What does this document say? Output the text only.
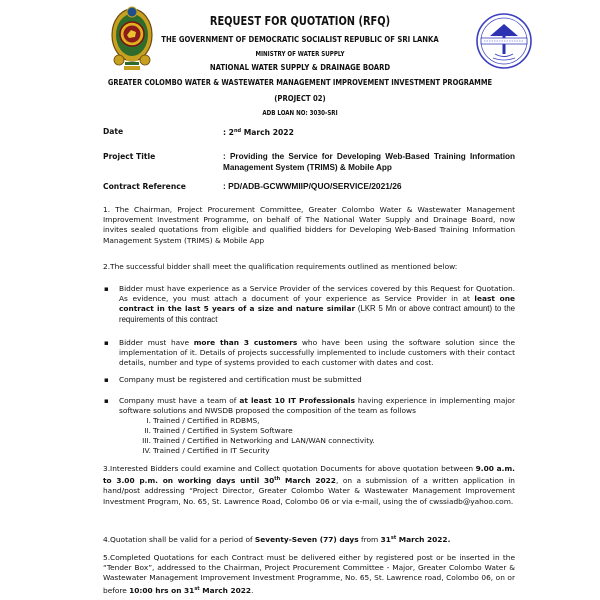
REQUEST FOR QUOTATION (RFQ)
THE GOVERNMENT OF DEMOCRATIC SOCIALIST REPUBLIC OF SRI LANKA
MINISTRY OF WATER SUPPLY
NATIONAL WATER SUPPLY & DRAINAGE BOARD
GREATER COLOMBO WATER & WASTEWATER MANAGEMENT IMPROVEMENT INVESTMENT PROGRAMME
(PROJECT 02)
ADB LOAN NO: 3030-SRI
Date	: 2nd March 2022
Project Title	: Providing the Service for Developing Web-Based Training Information Management System (TRIMS) & Mobile App
Contract Reference	: PD/ADB-GCWWMIIP/QUO/SERVICE/2021/26
1. The Chairman, Project Procurement Committee, Greater Colombo Water & Wastewater Management Improvement Investment Programme, on behalf of The National Water Supply and Drainage Board, now invites sealed quotations from eligible and qualified bidders for Developing Web-Based Training Information Management System (TRIMS) & Mobile App
2.The successful bidder shall meet the qualification requirements outlined as mentioned below:
▪ Bidder must have experience as a Service Provider of the services covered by this Request for Quotation. As evidence, you must attach a document of your experience as Service Provider in at least one contract in the last 5 years of a size and nature similar (LKR 5 Mn or above contract amount) to the requirements of this contract
▪ Bidder must have more than 3 customers who have been using the software solution since the implementation of it. Details of projects successfully implemented to include customers with their contact details, number and type of systems provided to each customer with dates and cost.
▪ Company must be registered and certification must be submitted
▪ Company must have a team of at least 10 IT Professionals having experience in implementing major software solutions and NWSDB proposed the composition of the team as follows
I. Trained / Certified in RDBMS,
II. Trained / Certified in System Software
III. Trained / Certified in Networking and LAN/WAN connectivity.
IV. Trained / Certified in IT Security
3.Interested Bidders could examine and Collect quotation Documents for above quotation between 9.00 a.m. to 3.00 p.m. on working days until 30th March 2022, on a submission of a written application in hand/post addressing “Project Director, Greater Colombo Water & Wastewater Management Improvement Investment Program, No. 65, St. Lawrence Road, Colombo 06 or via e-mail, using the of cwssiadb@yahoo.com.
4.Quotation shall be valid for a period of Seventy-Seven (77) days from 31st March 2022.
5.Completed Quotations for each Contract must be delivered either by registered post or be inserted in the “Tender Box”, addressed to the Chairman, Project Procurement Committee - Major, Greater Colombo Water & Wastewater Management Improvement Investment Programme, No. 65, St. Lawrence road, Colombo 06, on or before 10:00 hrs on 31st March 2022.
